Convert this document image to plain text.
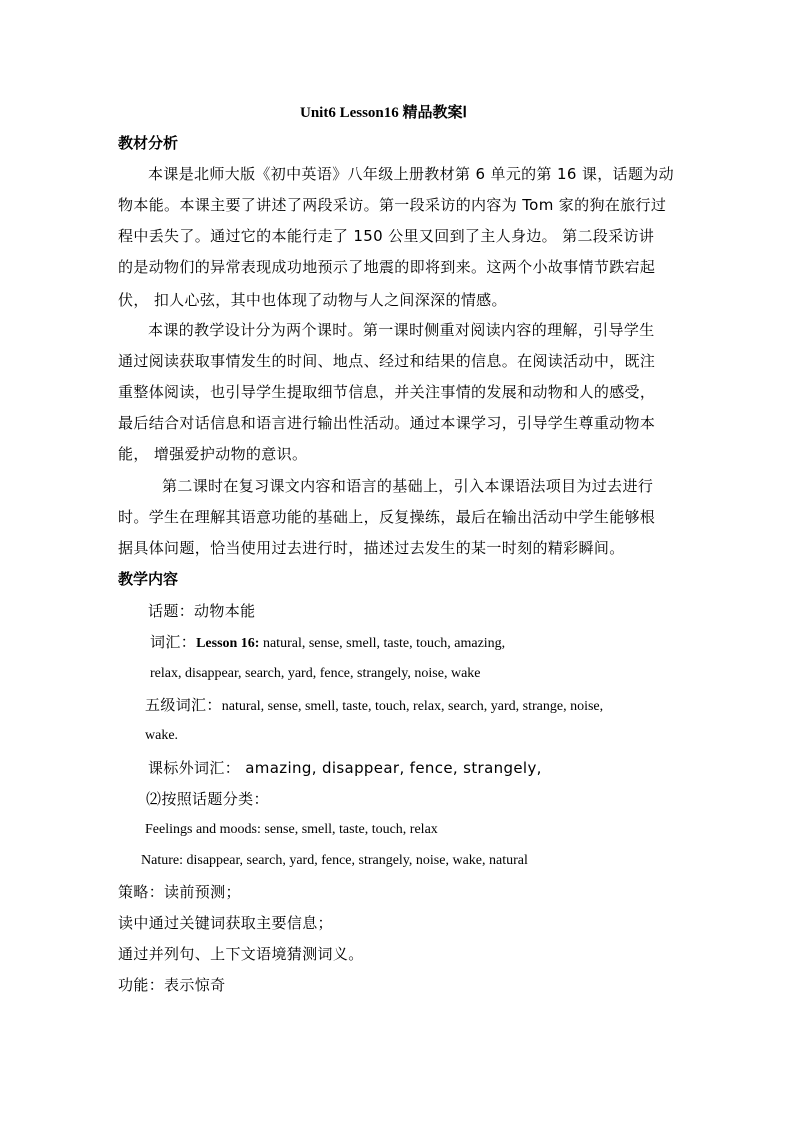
Unit6 Lesson16 精品教案Ⅰ
教材分析
本课是北师大版《初中英语》八年级上册教材第 6 单元的第 16 课，话题为动
物本能。本课主要了讲述了两段采访。第一段采访的内容为 Tom 家的狗在旅行过
程中丢失了。通过它的本能行走了 150 公里又回到了主人身边。 第二段采访讲
的是动物们的异常表现成功地预示了地震的即将到来。这两个小故事情节跌宕起
伏， 扣人心弦，其中也体现了动物与人之间深深的情感。
本课的教学设计分为两个课时。第一课时侧重对阅读内容的理解，引导学生
通过阅读获取事情发生的时间、地点、经过和结果的信息。在阅读活动中，既注
重整体阅读，也引导学生提取细节信息，并关注事情的发展和动物和人的感受，
最后结合对话信息和语言进行输出性活动。通过本课学习，引导学生尊重动物本
能， 增强爱护动物的意识。
第二课时在复习课文内容和语言的基础上，引入本课语法项目为过去进行
时。学生在理解其语意功能的基础上，反复操练，最后在输出活动中学生能够根
据具体问题，恰当使用过去进行时，描述过去发生的某一时刻的精彩瞬间。
教学内容
话题：动物本能
词汇：Lesson 16: natural, sense, smell, taste, touch, amazing,
relax, disappear, search, yard, fence, strangely, noise, wake
五级词汇：natural, sense, smell, taste, touch, relax, search, yard, strange, noise,
wake.
课标外词汇： amazing, disappear, fence, strangely,
⑵按照话题分类：
Feelings and moods: sense, smell, taste, touch, relax
Nature: disappear, search, yard, fence, strangely, noise, wake, natural
策略：读前预测；
读中通过关键词获取主要信息；
通过并列句、上下文语境猜测词义。
功能：表示惊奇
